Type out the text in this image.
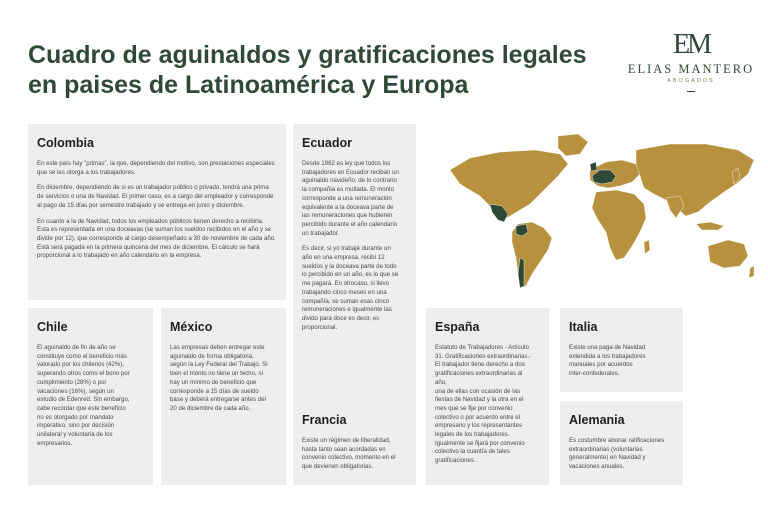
Cuadro de aguinaldos y gratificaciones legales en paises de Latinoamérica y Europa
EM
ELIAS MANTERO
ABOGADOS
Colombia

En este país hay "primas", la que, dependiendo del motivo, son prestaciones especiales que se les otorga a los trabajadores.

En diciembre, dependiendo de si es un trabajador público o privado, tendrá una prima de servicios o una de Navidad. El primer caso, es a cargo del empleador y corresponde al pago de 15 días por semestre trabajado y se entrega en junio y diciembre.

En cuanto a la de Navidad, todos los empleados públicos tienen derecho a recibirla. Esta es representada en una doceavas (se suman los sueldos recibidos en el año y se divide por 12), que corresponde al cargo desempeñado a 30 de noviembre de cada año. Está será pagada en la primera quincena del mes de diciembre. El cálculo se hará proporcional a lo trabajado en año calendario en la empresa.

Ecuador

Desde 1962 es ley que todos los
trabajadores en Ecuador reciban un
aguinaldo navideño, de lo contrario
la compañía es multada. El monto
corresponde a una remuneración
equivalente a la doceava parte de
las remuneraciones que hubieren
percibido durante el año calendario
un trabajador.

Es decir, si yo trabajé durante un
año en una empresa, recibí 12
sueldos y la doceava parte de todo
lo percibido en un año, es lo que se
me pagará. En otrocaso, si llevo
trabajando cinco meses en una
compañía, se suman esas cinco
remuneraciones e igualmente las
divido para doce es decir, es
proporcional.

Chile

El aguinaldo de fin de año se
constituye como el beneficio más
valorado por los chilenos (42%),
superando otros como el bono por
cumplimiento (28%) o por
vacaciones (16%), según un
estudio de Edenred. Sin embargo,
cabe recordar que este beneficio
no es otorgado por mandato
imperativo, sino por decisión
unilateral y voluntaria de los
empresarios.

México

Las empresas deben entregar este
aguinaldo de forma obligatoria,
según la Ley Federal del Trabajo. Si
bien el monto no tiene un techo, sí
hay un mínimo de beneficio que
corresponde a 15 días de sueldo
base y deberá entregarse antes del
20 de diciembre de cada año.

Francia

Existe un régimen de liberalidad,
hasta tanto sean acordadas en
convenio colectivo, momento en el
que devienen obligatorias.

España

Estatuto de Trabajadores - Artículo
31. Gratificaciones extraordinarias.-
El trabajador tiene derecho a dos
gratificaciones extraordinarias al
año,
una de ellas con ocasión de las
fiestas de Navidad y la otra en el
mes que se fije por convenio
colectivo o por acuerdo entre el
empresario y los representantes
legales de los trabajadores.
Igualmente se fijará por convenio
colectivo la cuantía de tales
gratificaciones .

Italia

Existe una paga de Navidad
extendida a los trabajadores
manuales por acuerdos
inter-confederales.

Alemania

Es costumbre abonar ratificaciones
extraordinarias (voluntarias
generalmente) en Navidad y
vacaciones anuales.
